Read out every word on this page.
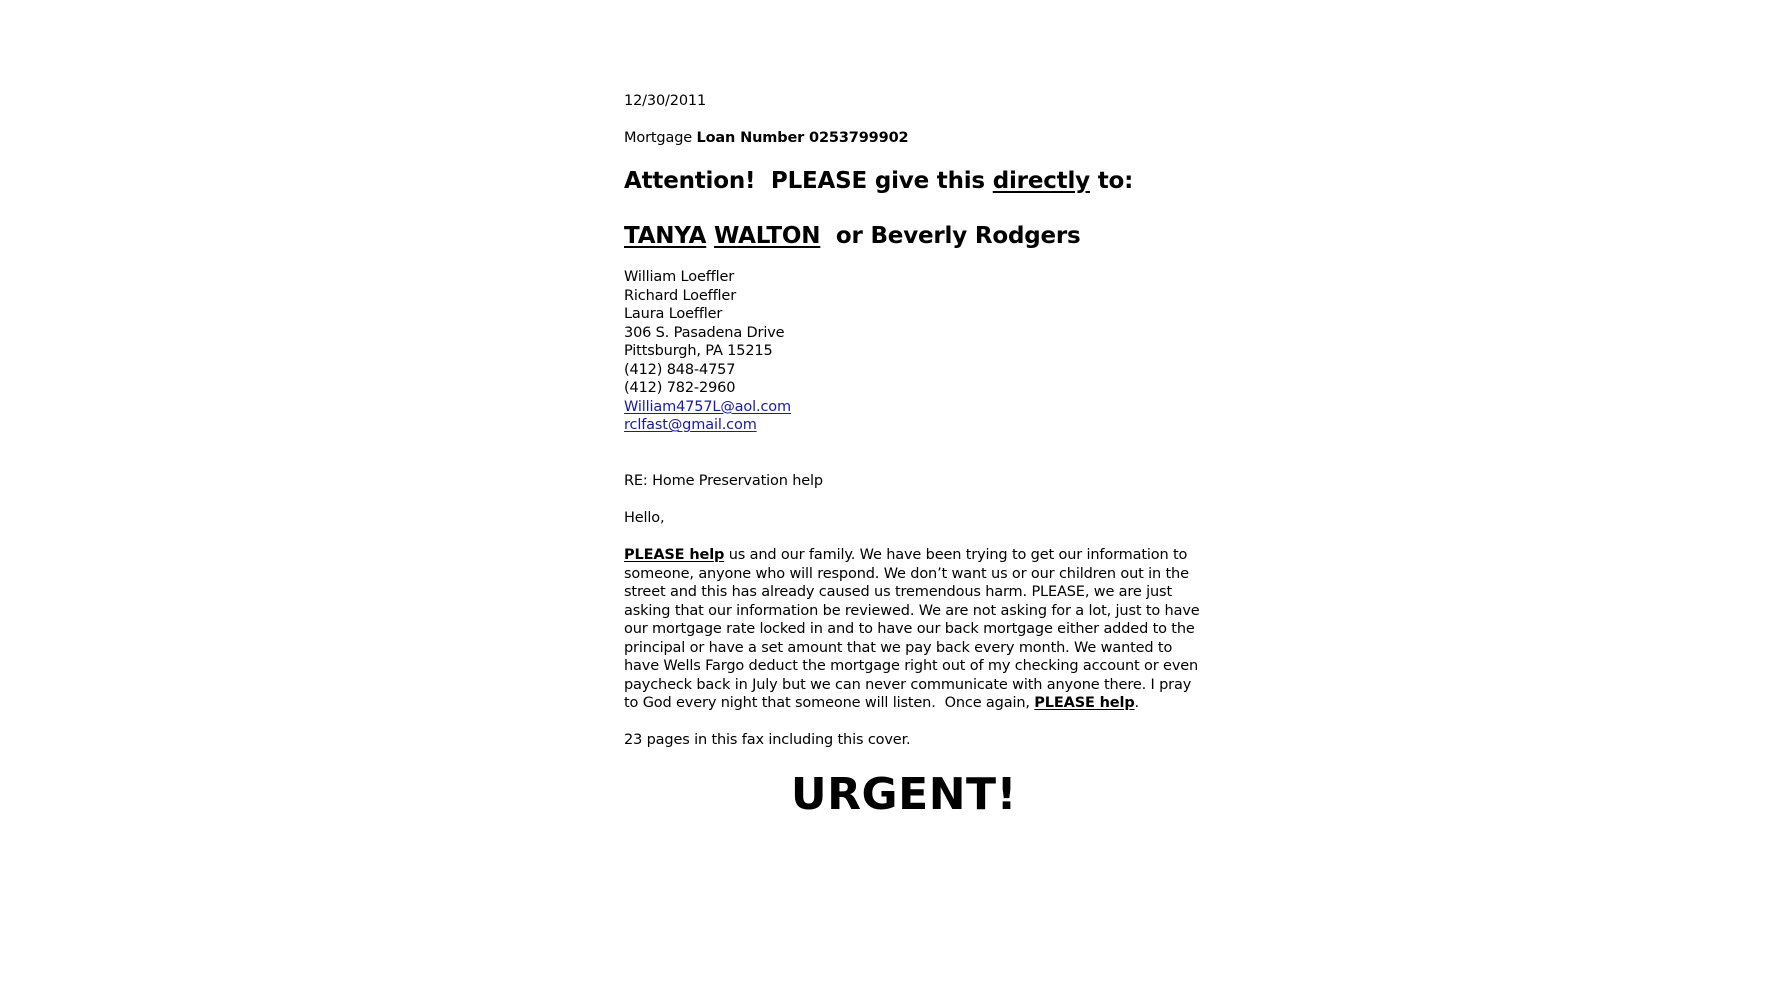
12/30/2011

Mortgage Loan Number 0253799902

Attention!  PLEASE give this directly to:

TANYA WALTON  or Beverly Rodgers

William Loeffler

Richard Loeffler

Laura Loeffler

306 S. Pasadena Drive

Pittsburgh, PA 15215

(412) 848-4757

(412) 782-2960

William4757L@aol.com

rclfast@gmail.com

RE: Home Preservation help

Hello,

PLEASE help us and our family. We have been trying to get our information to

someone, anyone who will respond. We don’t want us or our children out in the

street and this has already caused us tremendous harm. PLEASE, we are just

asking that our information be reviewed. We are not asking for a lot, just to have

our mortgage rate locked in and to have our back mortgage either added to the

principal or have a set amount that we pay back every month. We wanted to

have Wells Fargo deduct the mortgage right out of my checking account or even

paycheck back in July but we can never communicate with anyone there. I pray

to God every night that someone will listen.  Once again, PLEASE help.

23 pages in this fax including this cover.

URGENT!
